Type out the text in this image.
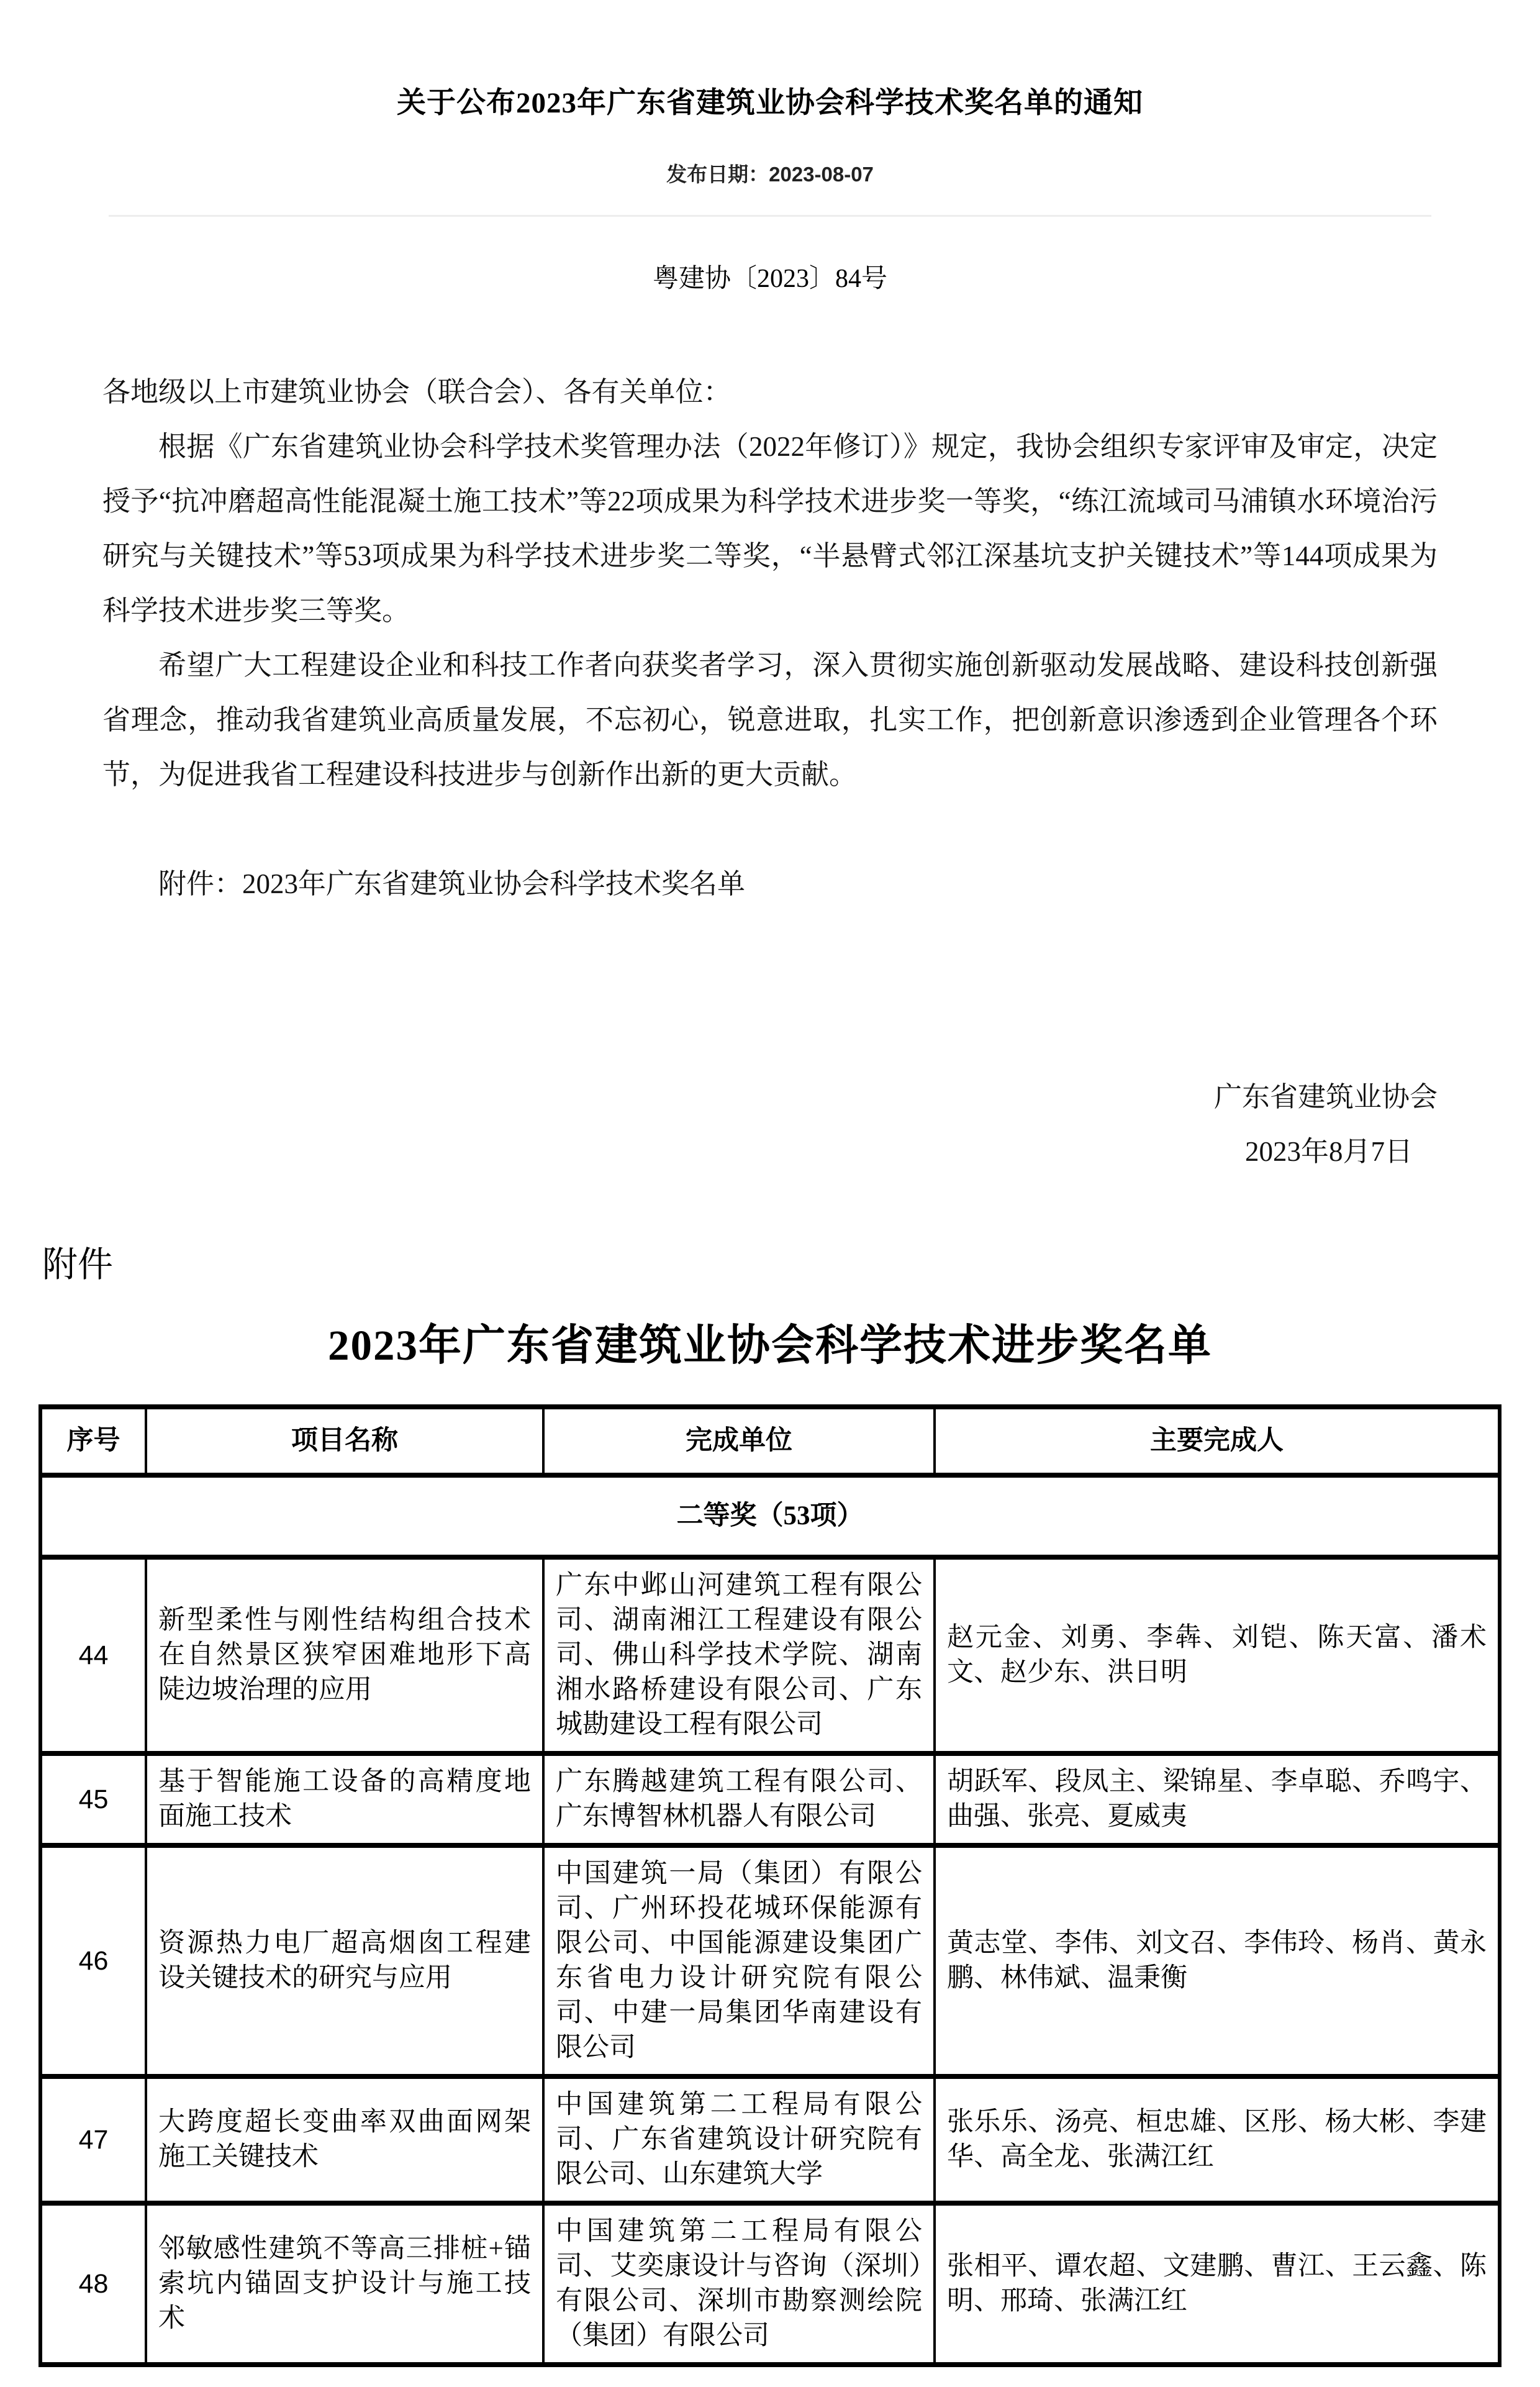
关于公布2023年广东省建筑业协会科学技术奖名单的通知
发布日期：2023-08-07
粤建协〔2023〕84号

各地级以上市建筑业协会（联合会）、各有关单位：

根据《广东省建筑业协会科学技术奖管理办法（2022年修订）》规定，我协会组织专家评审及审定，决定授予“抗冲磨超高性能混凝土施工技术”等22项成果为科学技术进步奖一等奖，“练江流域司马浦镇水环境治污研究与关键技术”等53项成果为科学技术进步奖二等奖，“半悬臂式邻江深基坑支护关键技术”等144项成果为科学技术进步奖三等奖。

希望广大工程建设企业和科技工作者向获奖者学习，深入贯彻实施创新驱动发展战略、建设科技创新强省理念，推动我省建筑业高质量发展，不忘初心，锐意进取，扎实工作，把创新意识渗透到企业管理各个环节，为促进我省工程建设科技进步与创新作出新的更大贡献。

附件：2023年广东省建筑业协会科学技术奖名单

广东省建筑业协会
2023年8月7日
附件
2023年广东省建筑业协会科学技术进步奖名单
序号	项目名称	完成单位	主要完成人
二等奖（53项）			
44	新型柔性与刚性结构组合技术在自然景区狭窄困难地形下高陡边坡治理的应用	广东中邺山河建筑工程有限公司、湖南湘江工程建设有限公司、佛山科学技术学院、湖南湘水路桥建设有限公司、广东城勘建设工程有限公司	赵元金、刘勇、李犇、刘铠、陈天富、潘术文、赵少东、洪日明
45	基于智能施工设备的高精度地面施工技术	广东腾越建筑工程有限公司、广东博智林机器人有限公司	胡跃军、段凤主、梁锦星、李卓聪、乔鸣宇、曲强、张亮、夏威夷
46	资源热力电厂超高烟囱工程建设关键技术的研究与应用	中国建筑一局（集团）有限公司、广州环投花城环保能源有限公司、中国能源建设集团广东省电力设计研究院有限公司、中建一局集团华南建设有限公司	黄志堂、李伟、刘文召、李伟玲、杨肖、黄永鹏、林伟斌、温秉衡
47	大跨度超长变曲率双曲面网架施工关键技术	中国建筑第二工程局有限公司、广东省建筑设计研究院有限公司、山东建筑大学	张乐乐、汤亮、桓忠雄、区彤、杨大彬、李建华、高全龙、张满江红
48	邻敏感性建筑不等高三排桩+锚索坑内锚固支护设计与施工技术	中国建筑第二工程局有限公司、艾奕康设计与咨询（深圳）有限公司、深圳市勘察测绘院（集团）有限公司	张相平、谭农超、文建鹏、曹江、王云鑫、陈明、邢琦、张满江红
